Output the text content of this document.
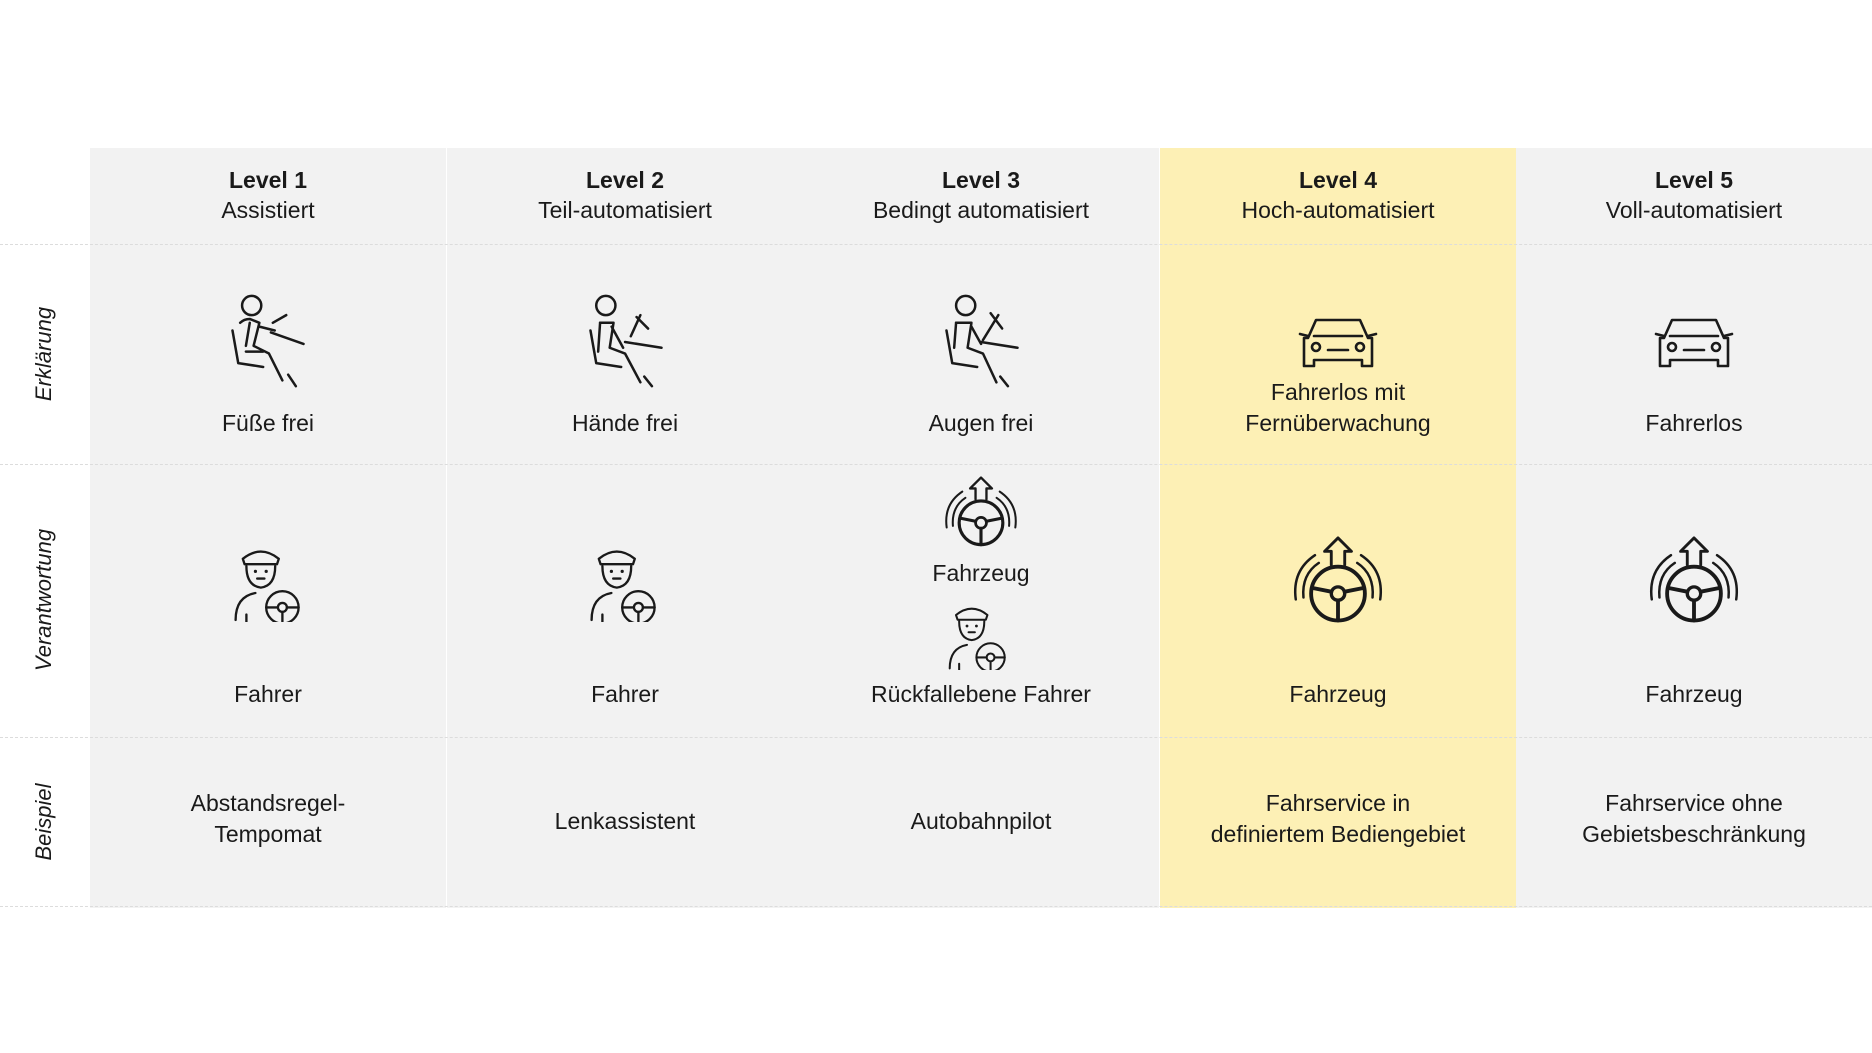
Erklärung
Verantwortung
Beispiel
Level 1
Assistiert
Füße frei
Fahrer
Abstandsregel-
Tempomat
Level 2
Teil-automatisiert
Hände frei
Fahrer
Lenkassistent
Level 3
Bedingt automatisiert
Augen frei
Fahrzeug
Rückfallebene Fahrer
Autobahnpilot
Level 4
Hoch-automatisiert
Fahrerlos mit
Fernüberwachung
Fahrzeug
Fahrservice in
definiertem Bediengebiet
Level 5
Voll-automatisiert
Fahrerlos
Fahrzeug
Fahrservice ohne
Gebietsbeschränkung
